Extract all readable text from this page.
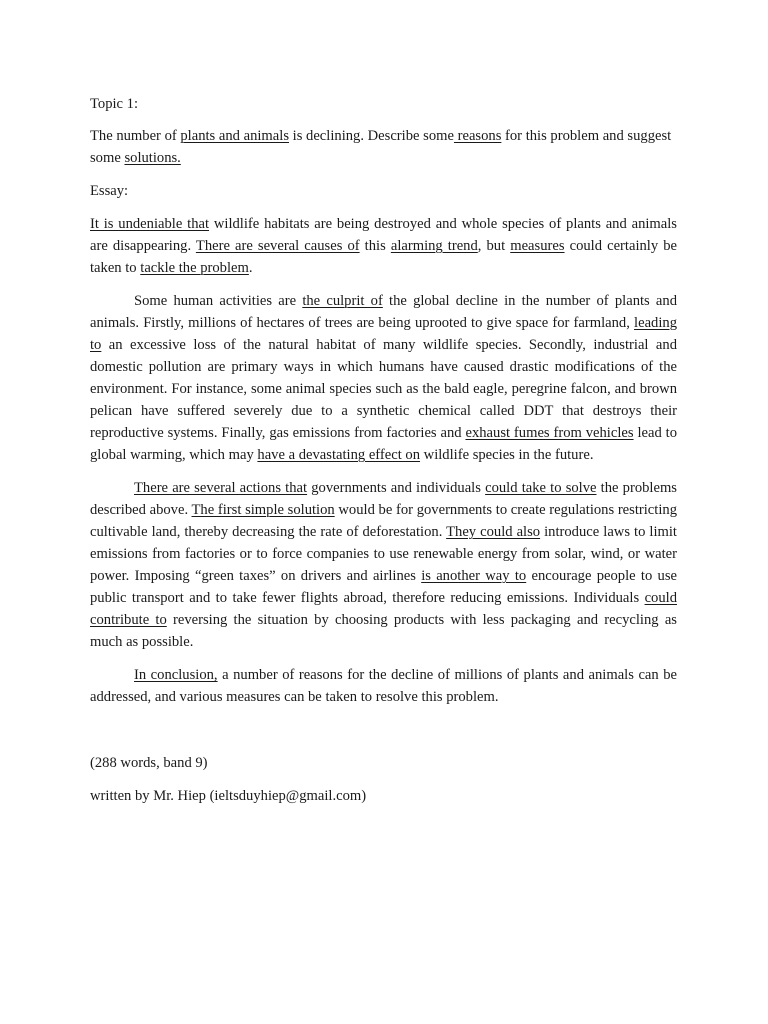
Topic 1:

The number of plants and animals is declining. Describe some reasons for this problem and suggest some solutions.

Essay:

It is undeniable that wildlife habitats are being destroyed and whole species of plants and animals are disappearing. There are several causes of this alarming trend, but measures could certainly be taken to tackle the problem.

Some human activities are the culprit of the global decline in the number of plants and animals. Firstly, millions of hectares of trees are being uprooted to give space for farmland, leading to an excessive loss of the natural habitat of many wildlife species. Secondly, industrial and domestic pollution are primary ways in which humans have caused drastic modifications of the environment. For instance, some animal species such as the bald eagle, peregrine falcon, and brown pelican have suffered severely due to a synthetic chemical called DDT that destroys their reproductive systems. Finally, gas emissions from factories and exhaust fumes from vehicles lead to global warming, which may have a devastating effect on wildlife species in the future.

There are several actions that governments and individuals could take to solve the problems described above. The first simple solution would be for governments to create regulations restricting cultivable land, thereby decreasing the rate of deforestation. They could also introduce laws to limit emissions from factories or to force companies to use renewable energy from solar, wind, or water power. Imposing “green taxes” on drivers and airlines is another way to encourage people to use public transport and to take fewer flights abroad, therefore reducing emissions. Individuals could contribute to reversing the situation by choosing products with less packaging and recycling as much as possible.

In conclusion, a number of reasons for the decline of millions of plants and animals can be addressed, and various measures can be taken to resolve this problem.

(288 words, band 9)

written by Mr. Hiep (ieltsduyhiep@gmail.com)
